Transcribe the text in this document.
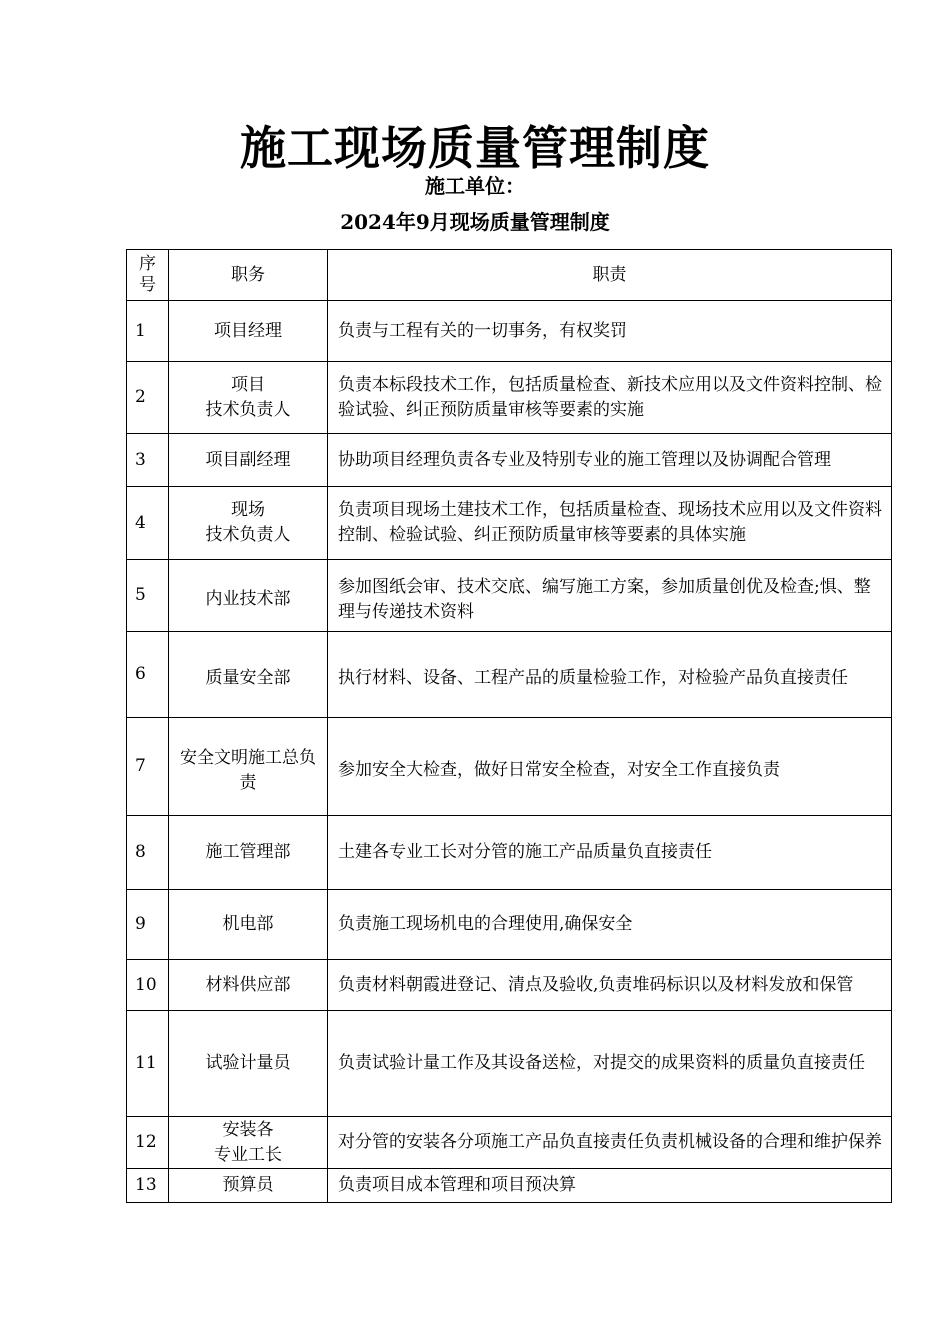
施工现场质量管理制度
施工单位：
2024年9月现场质量管理制度
序
号	职务	职责
1	项目经理	负责与工程有关的一切事务，有权奖罚
2	项目
技术负责人	负责本标段技术工作，包括质量检查、新技术应用以及文件资料控制、检验试验、纠正预防质量审核等要素的实施
3	项目副经理	协助项目经理负责各专业及特别专业的施工管理以及协调配合管理
4	现场
技术负责人	负责项目现场土建技术工作，包括质量检查、现场技术应用以及文件资料控制、检验试验、纠正预防质量审核等要素的具体实施
5	内业技术部	参加图纸会审、技术交底、编写施工方案，参加质量创优及检查;惧、整理与传递技术资料
6	质量安全部	执行材料、设备、工程产品的质量检验工作，对检验产品负直接责任
7	安全文明施工总负责	参加安全大检查，做好日常安全检查，对安全工作直接负责
8	施工管理部	土建各专业工长对分管的施工产品质量负直接责任
9	机电部	负责施工现场机电的合理使用,确保安全
10	材料供应部	负责材料朝霞进登记、清点及验收,负责堆码标识以及材料发放和保管
11	试验计量员	负责试验计量工作及其设备送检，对提交的成果资料的质量负直接责任
12	安装各
专业工长	对分管的安装各分项施工产品负直接责任负责机械设备的合理和维护保养
13	预算员	负责项目成本管理和项目预决算
